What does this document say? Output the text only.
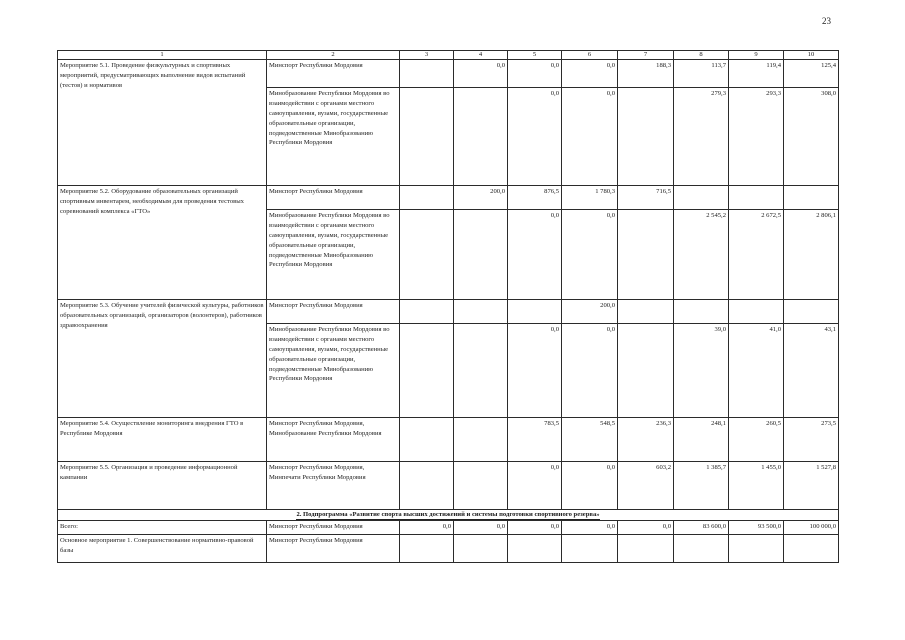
23
1	2	3	4	5	6	7	8	9	10
Мероприятие 5.1. Проведение физкультурных и спортивных мероприятий, предусматривающих выполнение видов испытаний (тестов) и нормативов	Минспорт Республики Мордовия		0,0	0,0	0,0	188,3	113,7	119,4	125,4
	Минобразование Республики Мордовия во взаимодействии с органами местного самоуправления, вузами, государственные образовательные организации, подведомственные Минобразованию Республики Мордовия			0,0	0,0		279,3	293,3	308,0
Мероприятие 5.2. Оборудование образовательных организаций спортивным инвентарем, необходимым для проведения тестовых соревнований комплекса «ГТО»	Минспорт Республики Мордовия		200,0	876,5	1 780,3	716,5			
	Минобразование Республики Мордовия во взаимодействии с органами местного самоуправления, вузами, государственные образовательные организации, подведомственные Минобразованию Республики Мордовия			0,0	0,0		2 545,2	2 672,5	2 806,1
Мероприятие 5.3. Обучение учителей физической культуры, работников образовательных организаций, организаторов (волонтеров), работников здравоохранения	Минспорт Республики Мордовия				200,0				
	Минобразование Республики Мордовия во взаимодействии с органами местного самоуправления, вузами, государственные образовательные организации, подведомственные Минобразованию Республики Мордовия			0,0	0,0		39,0	41,0	43,1
Мероприятие 5.4. Осуществление мониторинга внедрения ГТО в Республике Мордовия	Минспорт Республики Мордовия, Минобразование Республики Мордовия			783,5	548,5	236,3	248,1	260,5	273,5
Мероприятие 5.5. Организация и проведение информационной кампании	Минспорт Республики Мордовия, Минпечати Республики Мордовия			0,0	0,0	603,2	1 385,7	1 455,0	1 527,8
2. Подпрограмма «Развитие спорта высших достижений и системы подготовки спортивного резерва»									
Всего:	Минспорт Республики Мордовия	0,0	0,0	0,0	0,0	0,0	83 600,0	93 500,0	100 000,0
Основное мероприятие 1. Совершенствование нормативно-правовой базы	Минспорт Республики Мордовия								
